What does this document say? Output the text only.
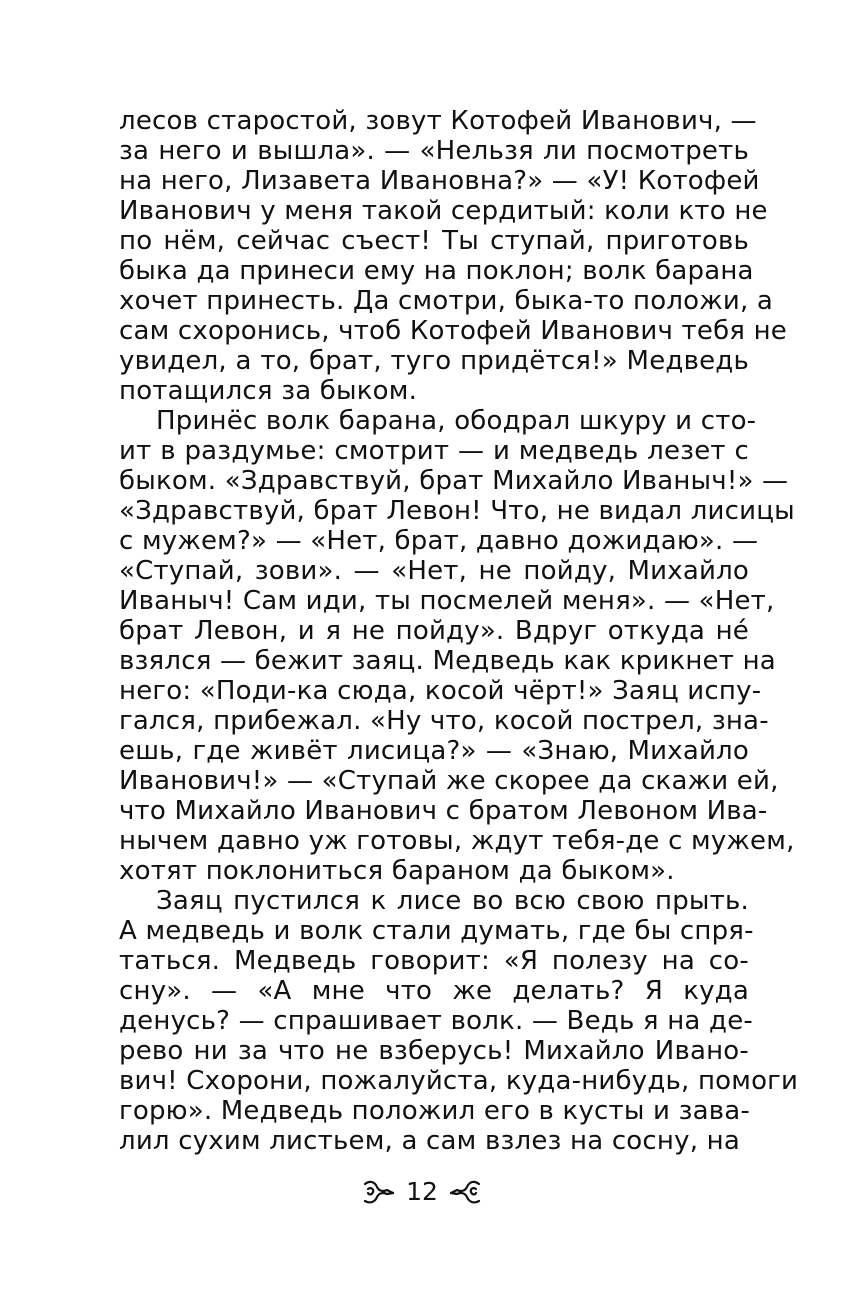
лесов старостой, зовут Котофей Иванович, —
за него и вышла». — «Нельзя ли посмотреть
на него, Лизавета Ивановна?» — «У! Котофей
Иванович у меня такой сердитый: коли кто не
по нём, сейчас съест! Ты ступай, приготовь
быка да принеси ему на поклон; волк барана
хочет принесть. Да смотри, быка-то положи, а
сам схоронись, чтоб Котофей Иванович тебя не
увидел, а то, брат, туго придётся!» Медведь
потащился за быком.
Принёс волк барана, ободрал шкуру и сто-
ит в раздумье: смотрит — и медведь лезет с
быком. «Здравствуй, брат Михайло Иваныч!» —
«Здравствуй, брат Левон! Что, не видал лисицы
с мужем?» — «Нет, брат, давно дожидаю». —
«Ступай, зови». — «Нет, не пойду, Михайло
Иваныч! Сам иди, ты посмелей меня». — «Нет,
брат Левон, и я не пойду». Вдруг откуда не́
взялся — бежит заяц. Медведь как крикнет на
него: «Поди-ка сюда, косой чёрт!» Заяц испу-
гался, прибежал. «Ну что, косой пострел, зна-
ешь, где живёт лисица?» — «Знаю, Михайло
Иванович!» — «Ступай же скорее да скажи ей,
что Михайло Иванович с братом Левоном Ива-
нычем давно уж готовы, ждут тебя-де с мужем,
хотят поклониться бараном да быком».
Заяц пустился к лисе во всю свою прыть.
А медведь и волк стали думать, где бы спря-
таться. Медведь говорит: «Я полезу на со-
сну». — «А мне что же делать? Я куда
денусь? — спрашивает волк. — Ведь я на де-
рево ни за что не взберусь! Михайло Ивано-
вич! Схорони, пожалуйста, куда-нибудь, помоги
горю». Медведь положил его в кусты и зава-
лил сухим листьем, а сам взлез на сосну, на
12
